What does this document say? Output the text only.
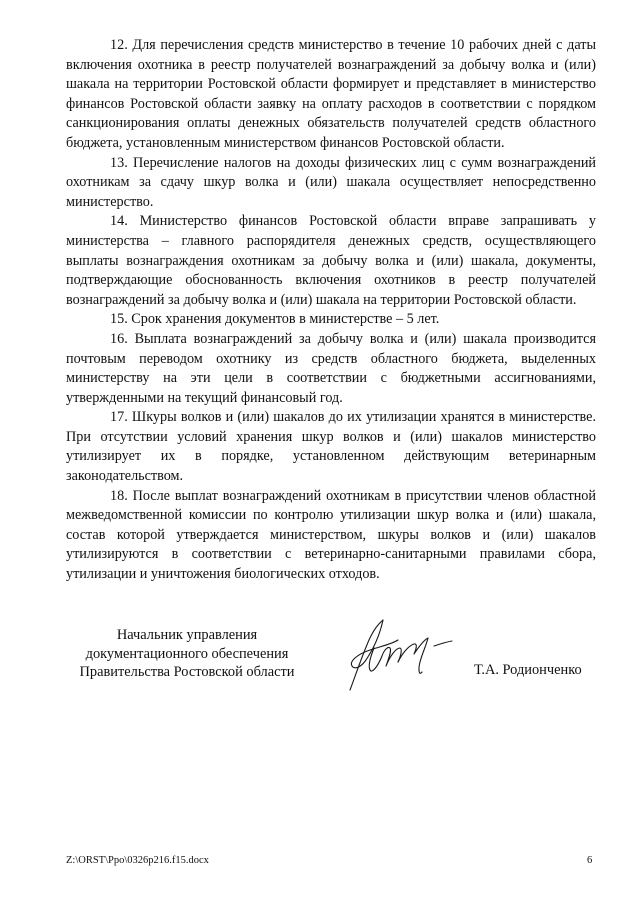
12. Для перечисления средств министерство в течение 10 рабочих дней с даты включения охотника в реестр получателей вознаграждений за добычу волка и (или) шакала на территории Ростовской области формирует и представляет в министерство финансов Ростовской области заявку на оплату расходов в соответствии с порядком санкционирования оплаты денежных обязательств получателей средств областного бюджета, установленным министерством финансов Ростовской области.

13. Перечисление налогов на доходы физических лиц с сумм вознаграждений охотникам за сдачу шкур волка и (или) шакала осуществляет непосредственно министерство.

14. Министерство финансов Ростовской области вправе запрашивать у министерства – главного распорядителя денежных средств, осуществляющего выплаты вознаграждения охотникам за добычу волка и (или) шакала, документы, подтверждающие обоснованность включения охотников в реестр получателей вознаграждений за добычу волка и (или) шакала на территории Ростовской области.

15. Срок хранения документов в министерстве – 5 лет.

16. Выплата вознаграждений за добычу волка и (или) шакала производится почтовым переводом охотнику из средств областного бюджета, выделенных министерству на эти цели в соответствии с бюджетными ассигнованиями, утвержденными на текущий финансовый год.

17. Шкуры волков и (или) шакалов до их утилизации хранятся в министерстве. При отсутствии условий хранения шкур волков и (или) шакалов министерство утилизирует их в порядке, установленном действующим ветеринарным законодательством.

18. После выплат вознаграждений охотникам в присутствии членов областной межведомственной комиссии по контролю утилизации шкур волка и (или) шакала, состав которой утверждается министерством, шкуры волков и (или) шакалов утилизируются в соответствии с ветеринарно-санитарными правилами сбора, утилизации и уничтожения биологических отходов.

Начальник управления
документационного обеспечения
Правительства Ростовской области	Т.А. Родионченко
Z:\ORST\Ppo\0326p216.f15.docx	6
